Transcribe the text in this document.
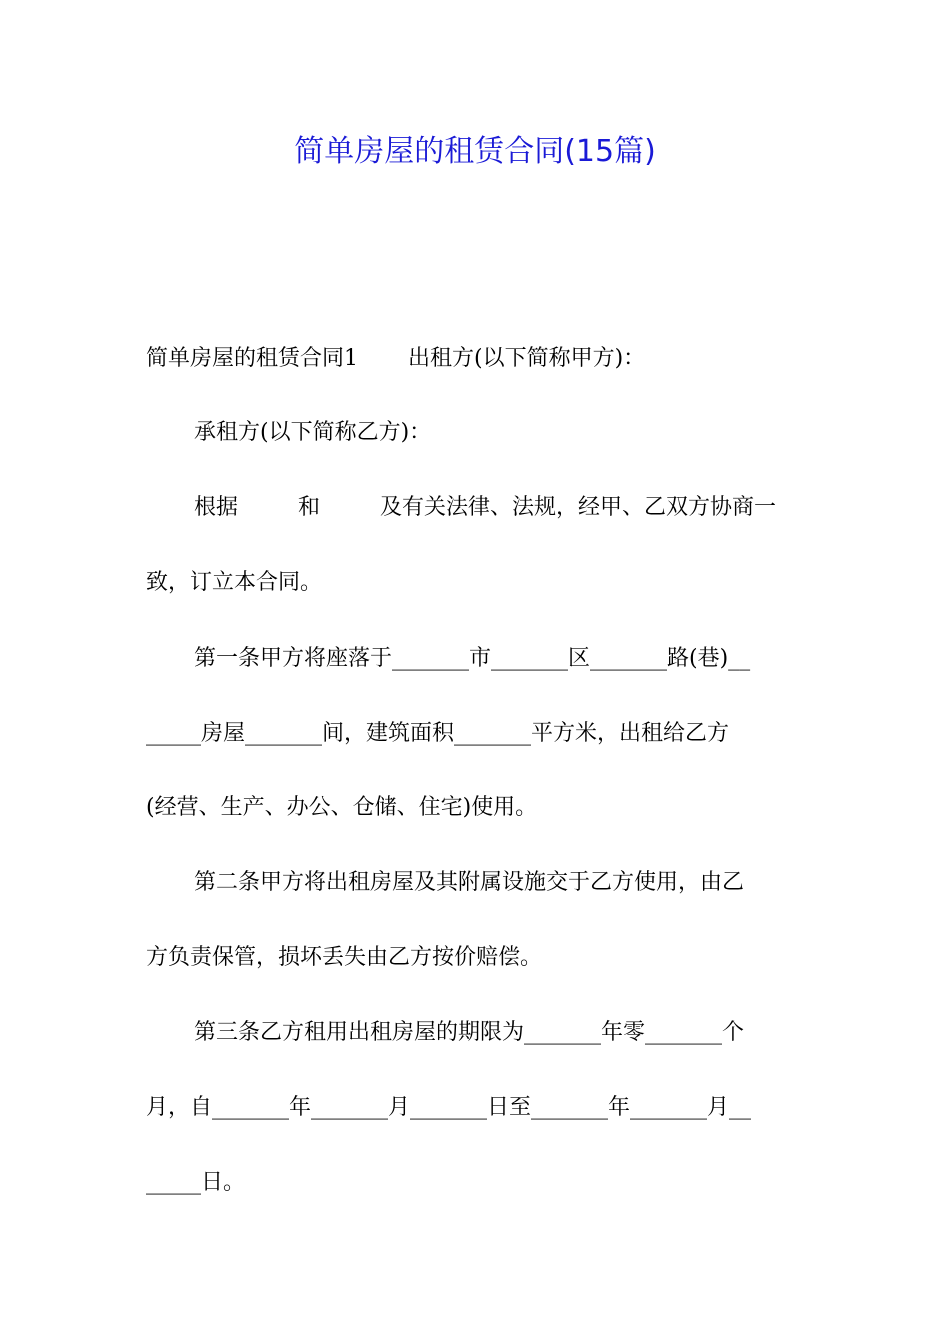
简单房屋的租赁合同(15篇)
简单房屋的租赁合同1 出租方(以下简称甲方)：
承租方(以下简称乙方)：
根据	和	及有关法律、法规，经甲、乙双方协商一
致，订立本合同。
第一条甲方将座落于_______市_______区_______路(巷)__
_____房屋_______间，建筑面积_______平方米，出租给乙方
(经营、生产、办公、仓储、住宅)使用。
第二条甲方将出租房屋及其附属设施交于乙方使用，由乙
方负责保管，损坏丢失由乙方按价赔偿。
第三条乙方租用出租房屋的期限为_______年零_______个
月，自_______年_______月_______日至_______年_______月__
_____日。
